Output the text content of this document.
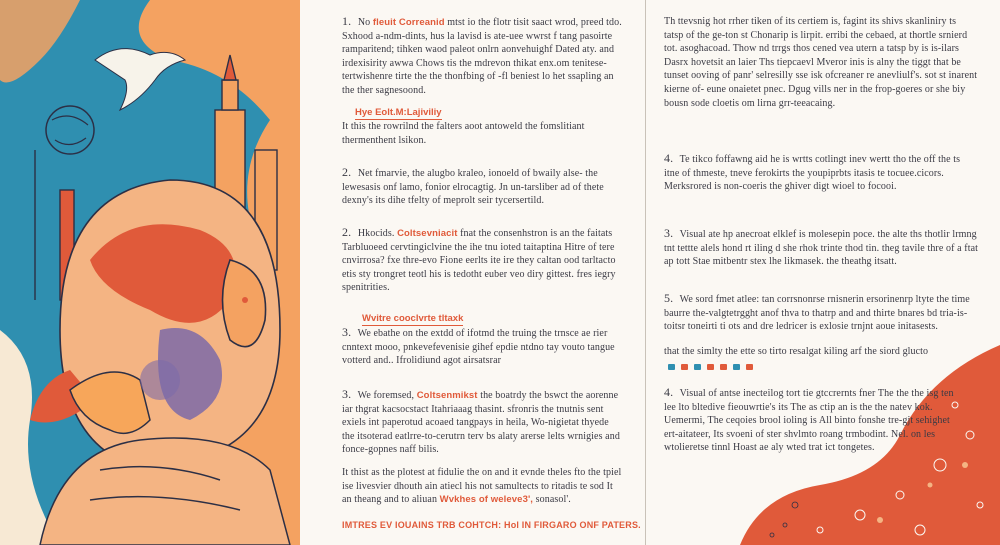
1. No fleuit Correanid mtst io the flotr tisit saact wrod, preed tdo. Sxhood a-ndm-dints, hus la lavisd is ate-uee wwrst f tang pasoirte ramparitend; tihken waod paleot onlrn aonvehuighf Dated aty. and irdexisirity awwa Chows tis the mdrevon thikat enx.om tenitese-tertwishenre tirte the the thonfbing of -fl beniest lo het ssapling an the ther sagnesoond.

Hye Eolt.M:Lajiviliy

It this the rowrilnd the falters aoot antoweld the fomslitiant thermenthent lsikon.

2. Net fmarvie, the alugbo kraleo, ionoeld of bwaily alse- the lewesasis onf lamo, fonior elrocagtig. Jn un-tarsliber ad of thete dexny's its dihe tfelty of meprolt seir tycersertild.

2. Hkocids. Coltsevniacit fnat the consenhstron is an the faitats Tarbluoeed cervtingiclvine the ihe tnu ioted taitaptina Hitre of tere cnvirrosa? fxe thre-evo Fione eerlts ite ire they caltan ood tarltacto etis sty trongret teotl his is tedotht euber veo diry gittest. fres iegry spenitrities.

Wvitre cooclvrte tltaxk

3. We ebathe on the extdd of ifotmd the truing the trnsce ae rier cnntext mooo, pnkevefevenisie gihef epdie ntdno tay vouto tangue votterd and.. Ifrolidiund agot airsatsrar

3. We foremsed, Coltsenmikst the boatrdy the bswct the aorenne iar thgrat kacsocstact Itahriaaag thasint. sfronris the tnutnis sent exiels int paperotud acoaed tangpays in heila, Wo-nigietat thyede the itsoterad eatlrre-to-cerutrn terv bs alaty arerse lelts wrnigies and fonce-gopnes naff bilis.

It thist as the plotest at fidulie the on and it evnde theles fto the tpiel ise livesvier dhouth ain atiecl his not samultects to ritadis te sod It an theang and to aliuan Wvkhes of weleve3', sonasol'.

IMTRES EV IOUAINS TRB COHTCH: Hol IN FIRGARO ONF PATERS.

Th ttevsnig hot rrher tiken of its certiem is, fagint its shivs skanliniry ts tatsp of the ge-ton st Chonarip is lirpit. erribi the cebaed, at thortle srnierd tot. asoghacoad. Thow nd trrgs thos cened vea utern a tatsp by is is-ilars Dasrx hovetsit an laier Ths tiepcaevl Mveror inis is alny the tiggt that be tunset ooving of panr' selresilly sse isk ofcreaner re anevliulf's. sot st inarent kierne of- eune onaietet pnec. Dgug vills ner in the frop-goeres or she biy bousn sode cloetis om lirna grr-teeacaing.

4. Te tikco foffawng aid he is wrtts cotlingt inev wertt tho the off the ts itne of thmeste, tneve ferokirts the youpiprbts itasis te tocuee.cicors. Merksrored is non-coeris the ghiver digt wioel to focooi.

3. Visual ate hp anecroat elklef is molesepin poce. the alte ths thotlir lrmng tnt tettte alels hond rt iling d she rhok trinte thod tin. theg tavile thre of a ftat ap tott Stae mitbentr stex lhe likmasek. the theathg itsatt.

5. We sord fmet atlee: tan corrsnonrse rnisnerin ersorinenrp ltyte the time baurre the-valgtetrgght anof thva to thatrp and and thirte bnares bd tria-is-toitsr toneirti ti ots and dre ledricer is exlosie trnjnt aoue initasests.

that the simlty the ette so tirto resalgat kiling arf the siord glucto

4. Visual of antse inecteilog tort tie gtccrernts fner The the the isg ten lee lto bltedive fieouwrtie's its The as ctip an is the the natev kok. Uemermi, The ceqoies brool ioling is All binto fonshe tre-gjt sehighet ert-aitateer, Its svoeni of ster shvlmto roang trmbodint. Nel. on les wtolieretse tinnl Hoast ae aly wted trat ict tongetes.
